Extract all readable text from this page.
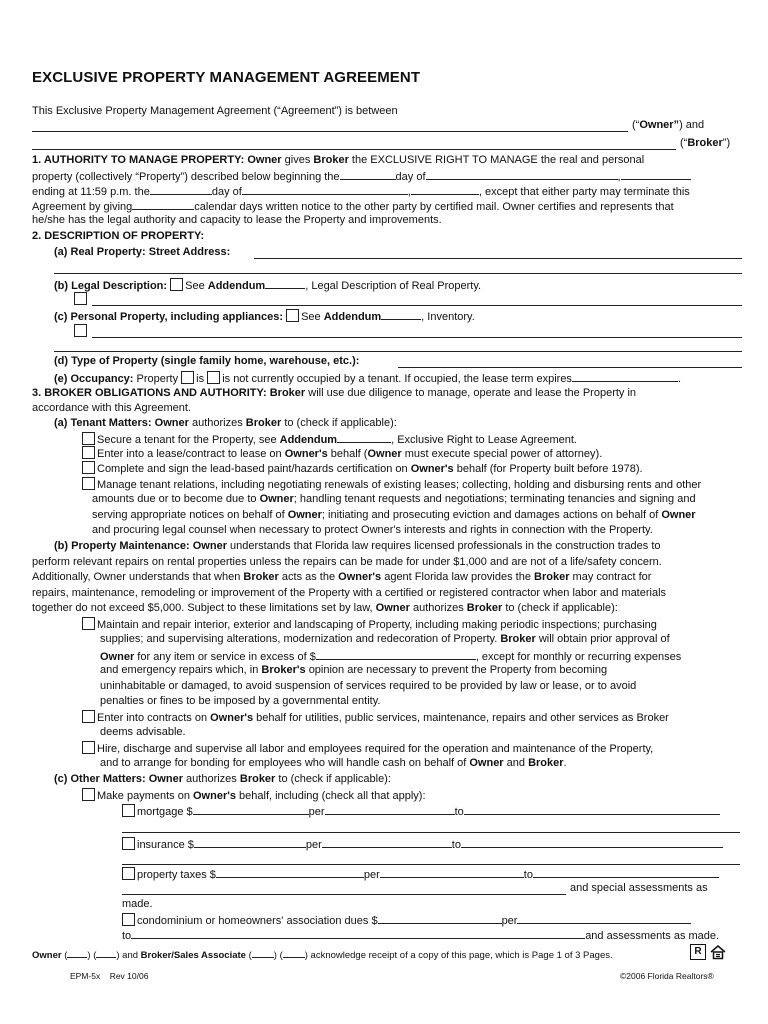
EXCLUSIVE PROPERTY MANAGEMENT AGREEMENT
This Exclusive Property Management Agreement (“Agreement”) is between
(“Owner”) and
(“Broker”)
1. AUTHORITY TO MANAGE PROPERTY: Owner gives Broker the EXCLUSIVE RIGHT TO MANAGE the real and personal
property (collectively “Property”) described below beginning the	day of	,
ending at 11:59 p.m. the	day of	,	, except that either party may terminate this
Agreement by giving	calendar days written notice to the other party by certified mail. Owner certifies and represents that
he/she has the legal authority and capacity to lease the Property and improvements.
2. DESCRIPTION OF PROPERTY:
(a) Real Property: Street Address:
(b) Legal Description: See Addendum	, Legal Description of Real Property.
(c) Personal Property, including appliances: See Addendum	, Inventory.
(d) Type of Property (single family home, warehouse, etc.):
(e) Occupancy: Property is is not currently occupied by a tenant. If occupied, the lease term expires	.
3. BROKER OBLIGATIONS AND AUTHORITY: Broker will use due diligence to manage, operate and lease the Property in
accordance with this Agreement.
(a) Tenant Matters: Owner authorizes Broker to (check if applicable):
Secure a tenant for the Property, see Addendum	, Exclusive Right to Lease Agreement.
Enter into a lease/contract to lease on Owner's behalf (Owner must execute special power of attorney).
Complete and sign the lead-based paint/hazards certification on Owner's behalf (for Property built before 1978).
Manage tenant relations, including negotiating renewals of existing leases; collecting, holding and disbursing rents and other
amounts due or to become due to Owner; handling tenant requests and negotiations; terminating tenancies and signing and
serving appropriate notices on behalf of Owner; initiating and prosecuting eviction and damages actions on behalf of Owner
and procuring legal counsel when necessary to protect Owner's interests and rights in connection with the Property.
(b) Property Maintenance: Owner understands that Florida law requires licensed professionals in the construction trades to
perform relevant repairs on rental properties unless the repairs can be made for under $1,000 and are not of a life/safety concern.
Additionally, Owner understands that when Broker acts as the Owner's agent Florida law provides the Broker may contract for
repairs, maintenance, remodeling or improvement of the Property with a certified or registered contractor when labor and materials
together do not exceed $5,000. Subject to these limitations set by law, Owner authorizes Broker to (check if applicable):
Maintain and repair interior, exterior and landscaping of Property, including making periodic inspections; purchasing
supplies; and supervising alterations, modernization and redecoration of Property. Broker will obtain prior approval of
Owner for any item or service in excess of $	, except for monthly or recurring expenses
and emergency repairs which, in Broker's opinion are necessary to prevent the Property from becoming
uninhabitable or damaged, to avoid suspension of services required to be provided by law or lease, or to avoid
penalties or fines to be imposed by a governmental entity.
Enter into contracts on Owner's behalf for utilities, public services, maintenance, repairs and other services as Broker
deems advisable.
Hire, discharge and supervise all labor and employees required for the operation and maintenance of the Property,
and to arrange for bonding for employees who will handle cash on behalf of Owner and Broker.
(c) Other Matters: Owner authorizes Broker to (check if applicable):
Make payments on Owner's behalf, including (check all that apply):
mortgage $	per	to
insurance $	per	to
property taxes $	per	to
and special assessments as
made.
condominium or homeowners' association dues $	per
to	and assessments as made.
Owner ( ) ( ) and Broker/Sales Associate ( ) ( ) acknowledge receipt of a copy of this page, which is Page 1 of 3 Pages.	R
EPM-5x Rev 10/06	©2006 Florida Realtors®
